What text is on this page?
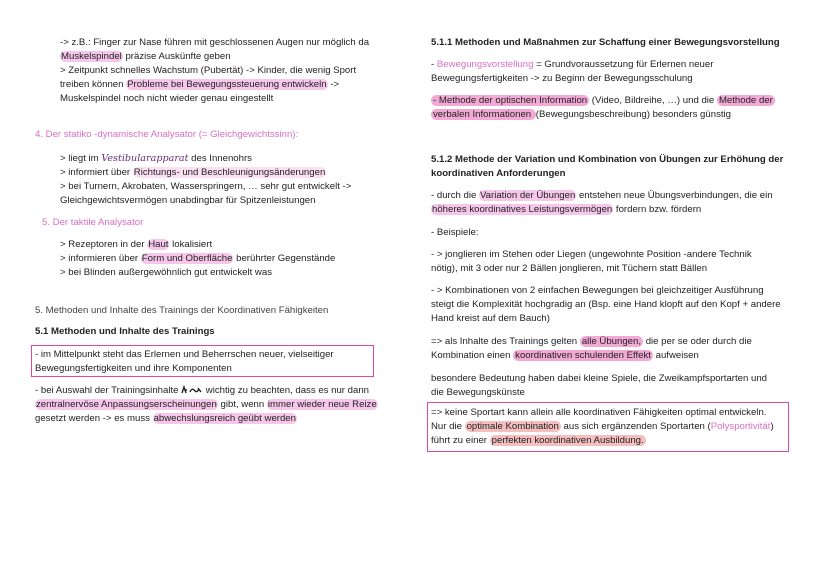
-> z.B.: Finger zur Nase führen mit geschlossenen Augen nur möglich da
Muskelspindel präzise Auskünfte geben
> Zeitpunkt schnelles Wachstum (Pubertät) -> Kinder, die wenig Sport
treiben können Probleme bei Bewegungssteuerung entwickeln ->
Muskelspindel noch nicht wieder genau eingestellt
4. Der statiko -dynamische Analysator (= Gleichgewichtssinn):
> liegt im Vestibularapparat des Innenohrs
> informiert über Richtungs- und Beschleunigungsänderungen
> bei Turnern, Akrobaten, Wasserspringern, … sehr gut entwickelt ->
Gleichgewichtsvermögen unabdingbar für Spitzenleistungen
5. Der taktile Analysator
> Rezeptoren in der Haut lokalisiert
> informieren über Form und Oberfläche berührter Gegenstände
> bei Blinden außergewöhnlich gut entwickelt was
5. Methoden und Inhalte des Trainings der Koordinativen Fähigkeiten
5.1 Methoden und Inhalte des Trainings
- im Mittelpunkt steht das Erlernen und Beherrschen neuer, vielseitiger
Bewegungsfertigkeiten und ihre Komponenten
- bei Auswahl der Trainingsinhalte  wichtig zu beachten, dass es nur dann
zentralnervöse Anpassungserscheinungen gibt, wenn immer wieder neue Reize
gesetzt werden -> es muss abwechslungsreich geübt werden
5.1.1 Methoden und Maßnahmen zur Schaffung einer Bewegungsvorstellung
- Bewegungsvorstellung = Grundvoraussetzung für Erlernen neuer
Bewegungsfertigkeiten -> zu Beginn der Bewegungsschulung
- Methode der optischen Information (Video, Bildreihe, …) und die Methode der
verbalen Informationen (Bewegungsbeschreibung) besonders günstig
5.1.2 Methode der Variation und Kombination von Übungen zur Erhöhung der
koordinativen Anforderungen
- durch die Variation der Übungen entstehen neue Übungsverbindungen, die ein
höheres koordinatives Leistungsvermögen fordern bzw. fördern
- Beispiele:
- > jonglieren im Stehen oder Liegen (ungewohnte Position -andere Technik
nötig), mit 3 oder nur 2 Bällen jonglieren, mit Tüchern statt Bällen
- > Kombinationen von 2 einfachen Bewegungen bei gleichzeitiger Ausführung
steigt die Komplexität hochgradig an (Bsp. eine Hand klopft auf den Kopf + andere
Hand kreist auf dem Bauch)
=> als Inhalte des Trainings gelten alle Übungen, die per se oder durch die
Kombination einen koordinativen schulenden Effekt aufweisen
besondere Bedeutung haben dabei kleine Spiele, die Zweikampfsportarten und
die Bewegungskünste
=> keine Sportart kann allein alle koordinativen Fähigkeiten optimal entwickeln.
Nur die optimale Kombination aus sich ergänzenden Sportarten (Polysportivität)
führt zu einer perfekten koordinativen Ausbildung.
